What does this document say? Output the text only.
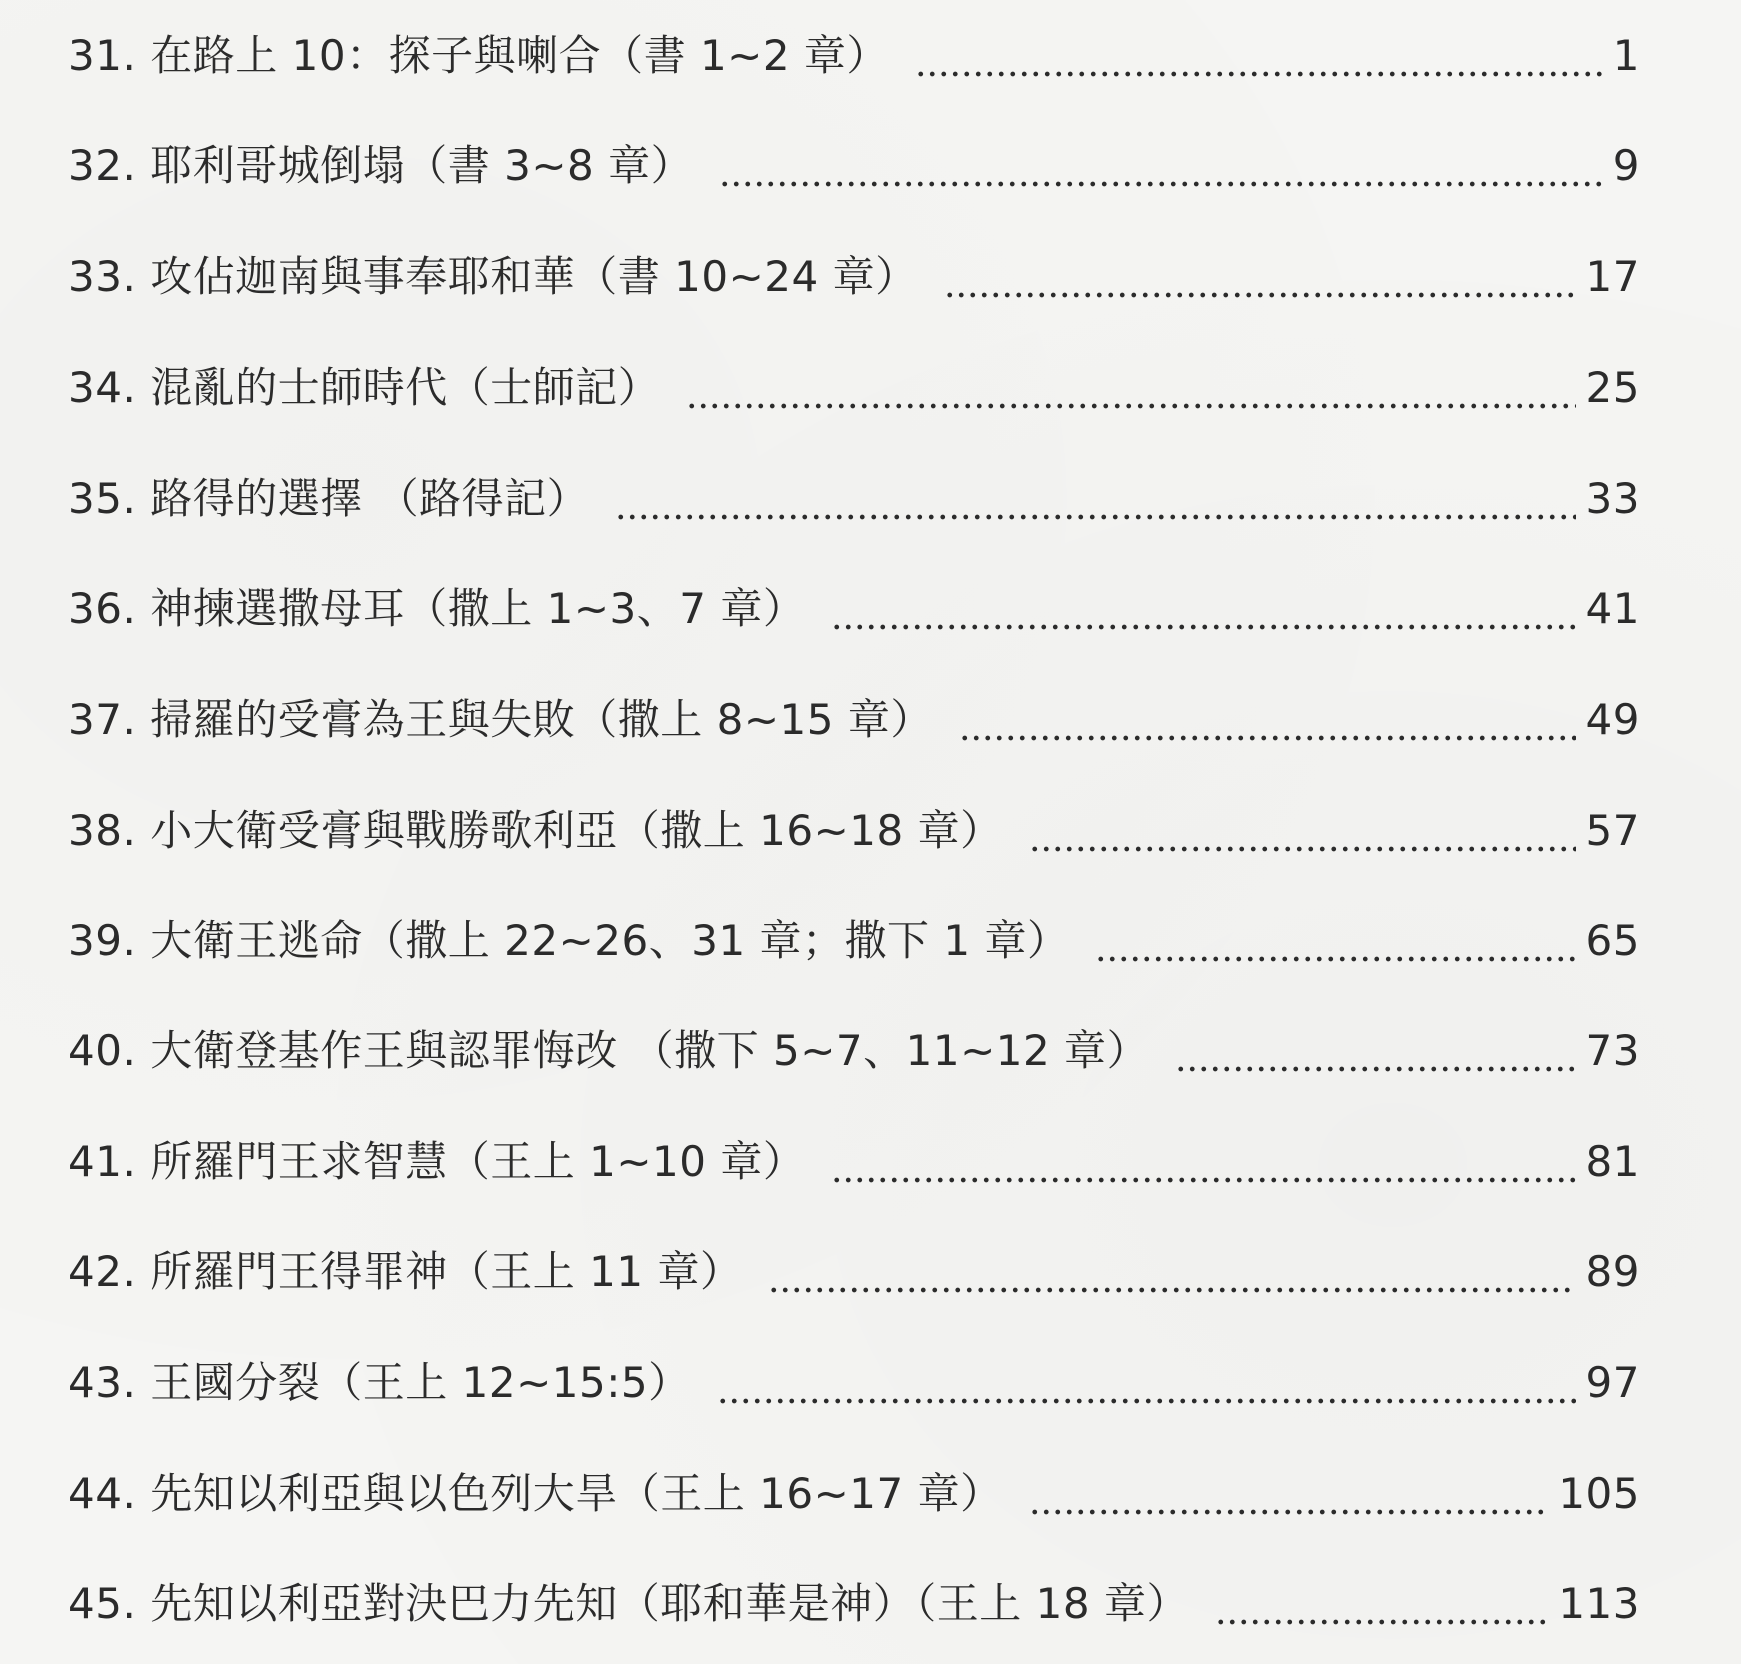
31. 在路上 10：探子與喇合（書 1~2 章）	1
32. 耶利哥城倒塌（書 3~8 章）	9
33. 攻佔迦南與事奉耶和華（書 10~24 章）	17
34. 混亂的士師時代（士師記）	25
35. 路得的選擇 （路得記）	33
36. 神揀選撒母耳（撒上 1~3、7 章）	41
37. 掃羅的受膏為王與失敗（撒上 8~15 章）	49
38. 小大衛受膏與戰勝歌利亞（撒上 16~18 章）	57
39. 大衛王逃命（撒上 22~26、31 章；撒下 1 章）	65
40. 大衛登基作王與認罪悔改 （撒下 5~7、11~12 章）	73
41. 所羅門王求智慧（王上 1~10 章）	81
42. 所羅門王得罪神（王上 11 章）	89
43. 王國分裂（王上 12~15:5）	97
44. 先知以利亞與以色列大旱（王上 16~17 章）	105
45. 先知以利亞對決巴力先知（耶和華是神）（王上 18 章）	113
